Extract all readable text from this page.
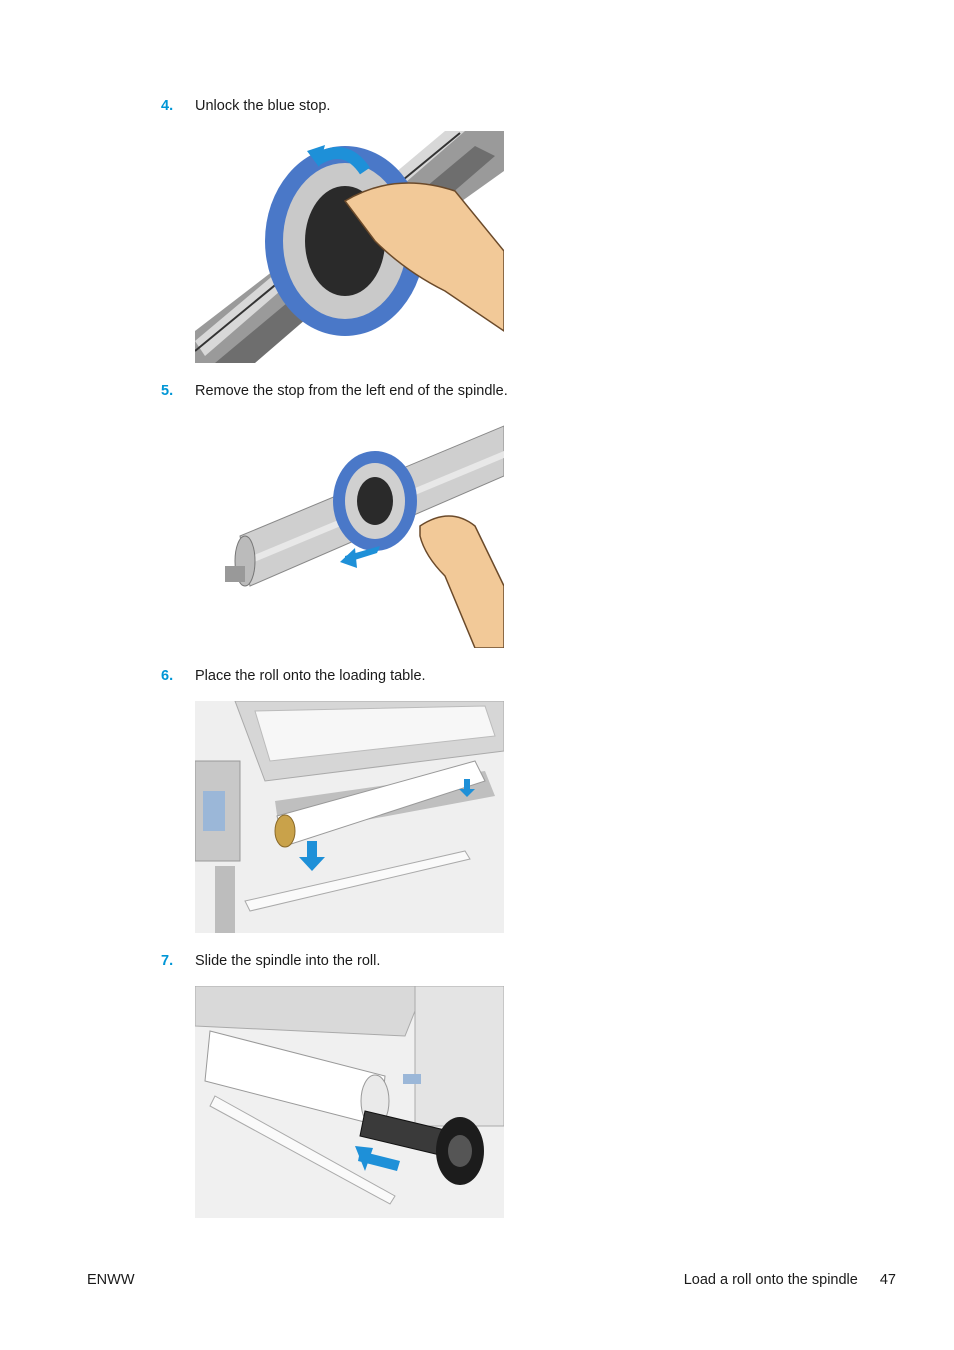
4. Unlock the blue stop.
5. Remove the stop from the left end of the spindle.
6. Place the roll onto the loading table.
7. Slide the spindle into the roll.
ENWW	Load a roll onto the spindle 47
